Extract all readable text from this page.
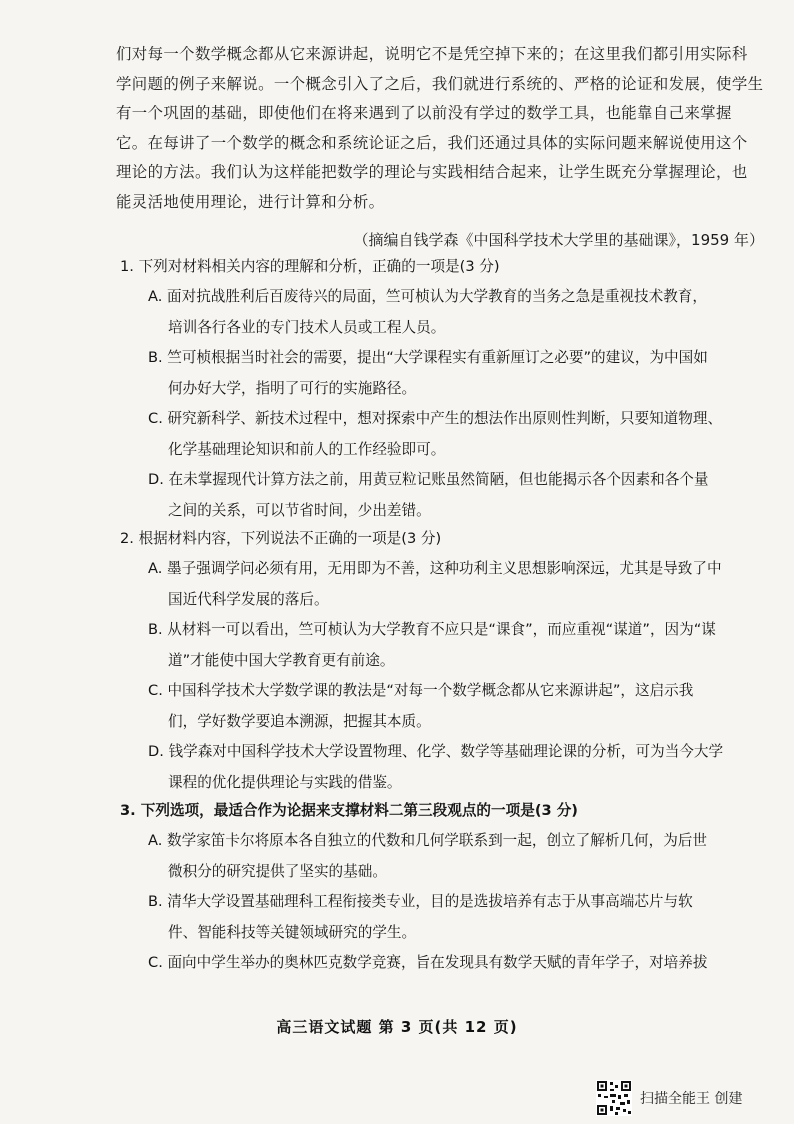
们对每一个数学概念都从它来源讲起，说明它不是凭空掉下来的；在这里我们都引用实际科

学问题的例子来解说。一个概念引入了之后，我们就进行系统的、严格的论证和发展，使学生

有一个巩固的基础，即使他们在将来遇到了以前没有学过的数学工具，也能靠自己来掌握

它。在每讲了一个数学的概念和系统论证之后，我们还通过具体的实际问题来解说使用这个

理论的方法。我们认为这样能把数学的理论与实践相结合起来，让学生既充分掌握理论，也

能灵活地使用理论，进行计算和分析。

（摘编自钱学森《中国科学技术大学里的基础课》，1959 年）
1. 下列对材料相关内容的理解和分析，正确的一项是(3 分)
A. 面对抗战胜利后百废待兴的局面，竺可桢认为大学教育的当务之急是重视技术教育，
培训各行各业的专门技术人员或工程人员。
B. 竺可桢根据当时社会的需要，提出“大学课程实有重新厘订之必要”的建议，为中国如
何办好大学，指明了可行的实施路径。
C. 研究新科学、新技术过程中，想对探索中产生的想法作出原则性判断，只要知道物理、
化学基础理论知识和前人的工作经验即可。
D. 在未掌握现代计算方法之前，用黄豆粒记账虽然简陋，但也能揭示各个因素和各个量
之间的关系，可以节省时间，少出差错。
2. 根据材料内容，下列说法不正确的一项是(3 分)
A. 墨子强调学问必须有用，无用即为不善，这种功利主义思想影响深远，尤其是导致了中
国近代科学发展的落后。
B. 从材料一可以看出，竺可桢认为大学教育不应只是“课食”，而应重视“谋道”，因为“谋
道”才能使中国大学教育更有前途。
C. 中国科学技术大学数学课的教法是“对每一个数学概念都从它来源讲起”，这启示我
们，学好数学要追本溯源，把握其本质。
D. 钱学森对中国科学技术大学设置物理、化学、数学等基础理论课的分析，可为当今大学
课程的优化提供理论与实践的借鉴。
3. 下列选项，最适合作为论据来支撑材料二第三段观点的一项是(3 分)
A. 数学家笛卡尔将原本各自独立的代数和几何学联系到一起，创立了解析几何，为后世
微积分的研究提供了坚实的基础。
B. 清华大学设置基础理科工程衔接类专业，目的是选拔培养有志于从事高端芯片与软
件、智能科技等关键领域研究的学生。
C. 面向中学生举办的奥林匹克数学竞赛，旨在发现具有数学天赋的青年学子，对培养拔
高三语文试题 第 3 页(共 12 页)
扫描全能王 创建
